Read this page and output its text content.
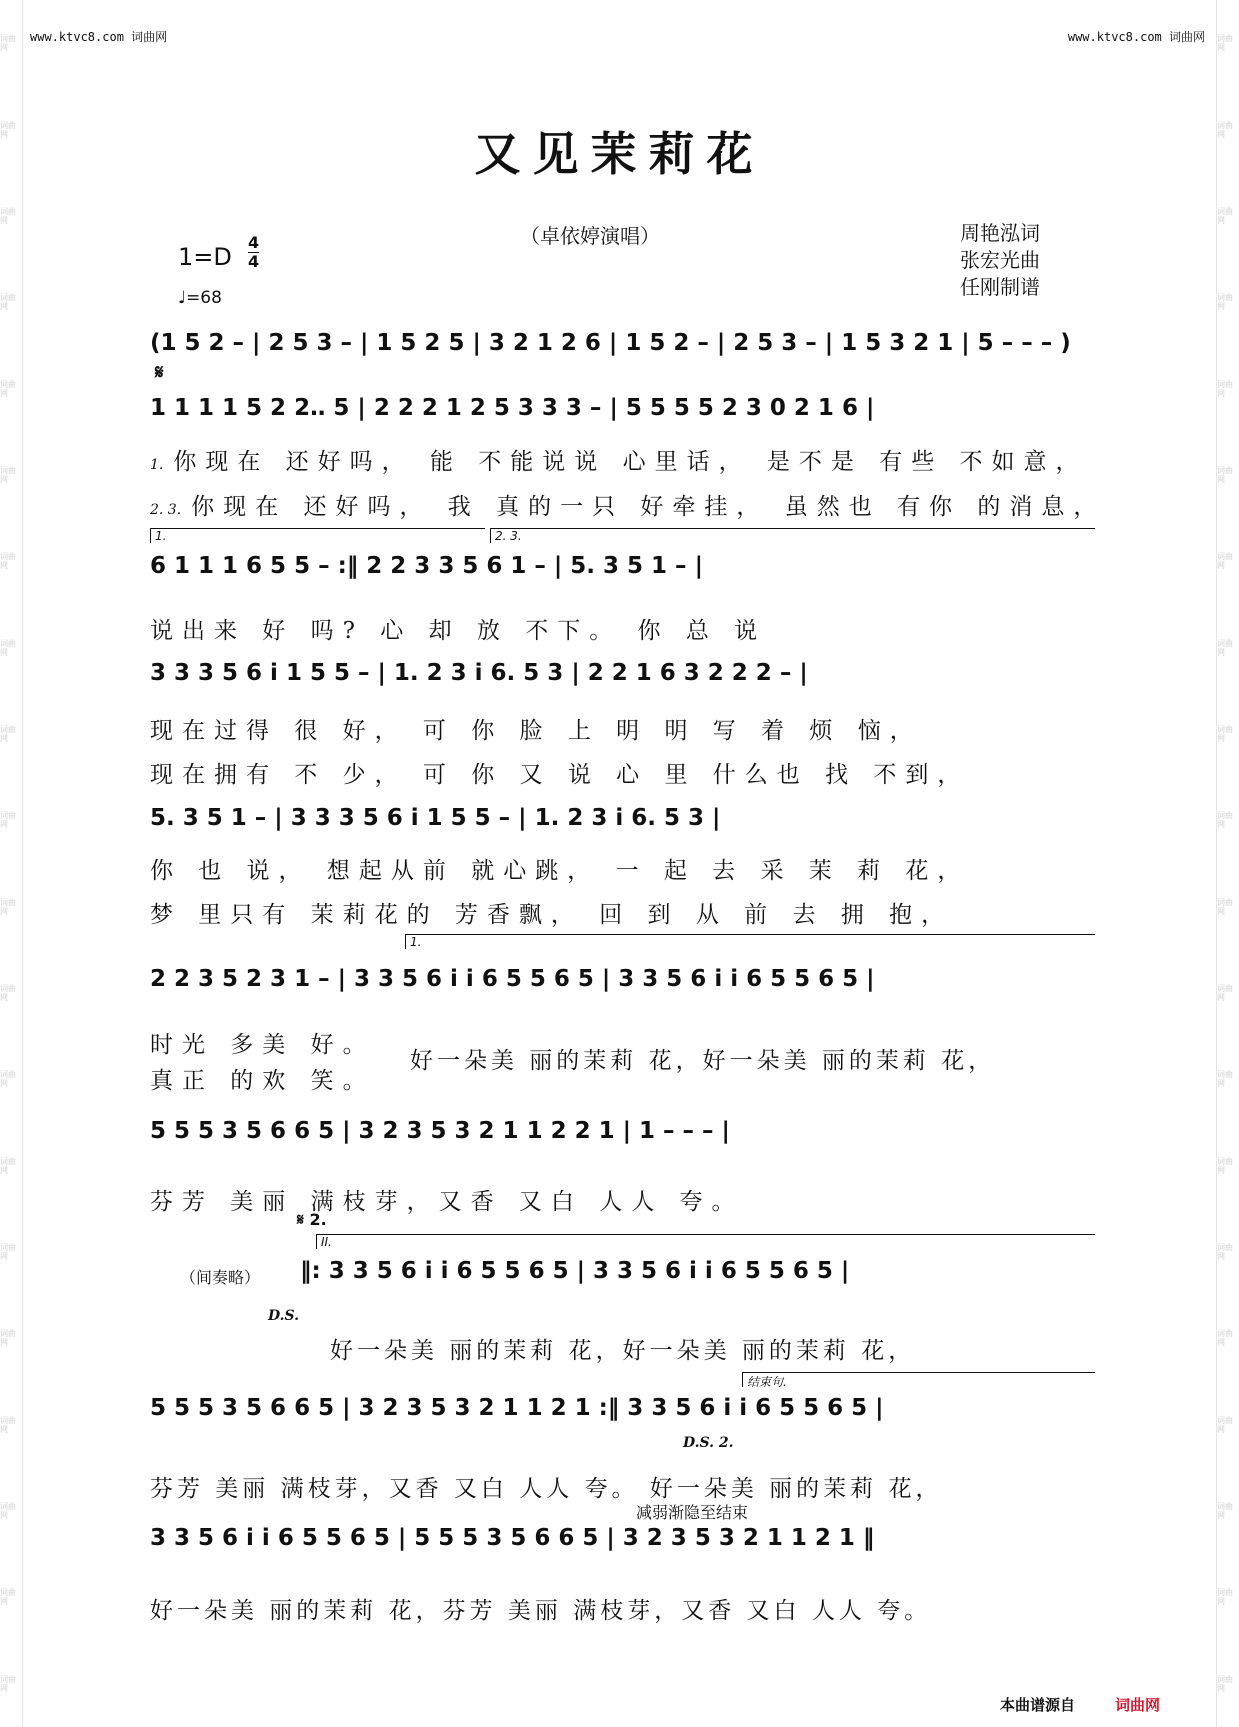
词曲网
词曲网
词曲网
词曲网
词曲网
词曲网
词曲网
词曲网
词曲网
词曲网
词曲网
词曲网
词曲网
词曲网
词曲网
词曲网
词曲网
词曲网
词曲网
词曲网
词曲网
词曲网
词曲网
词曲网
词曲网
词曲网
词曲网
词曲网
词曲网
词曲网
词曲网
词曲网
词曲网
词曲网
词曲网
词曲网
词曲网
词曲网
词曲网
词曲网
www.ktvc8.com 词曲网	www.ktvc8.com 词曲网
又见茉莉花
（卓依婷演唱）	周艳泓词
张宏光曲
任刚制谱
1=D
4
4
♩=68
(1 5 2 – | 2 5 3 – | 1 5 2 5 | 3 2 1 2 6 | 1 5 2 – | 2 5 3 – | 1 5 3 2 1 | 5 – – – )
𝄋
1 1 1 1 5 2 2‥ 5 | 2 2 2 1 2 5 3 3 3 – | 5 5 5 5 2 3 0 2 1 6 |
1. 你现在 还好吗， 能 不能说说 心里话， 是不是 有些 不如意，
2. 3. 你现在 还好吗， 我 真的一只 好牵挂， 虽然也 有你 的消息，
1.	2. 3.
6 1 1 1 6 5 5 – :‖ 2 2 3 3 5 6 1 – | 5. 3 5 1 – |
说出来 好 吗? 心 却 放 不下。 你 总 说
3 3 3 5 6 i 1 5 5 – | 1. 2 3 i 6. 5 3 | 2 2 1 6 3 2 2 2 – |
现在过得 很 好， 可 你 脸 上 明 明 写 着 烦 恼，
现在拥有 不 少， 可 你 又 说 心 里 什么也 找 不到，
5. 3 5 1 – | 3 3 3 5 6 i 1 5 5 – | 1. 2 3 i 6. 5 3 |
你 也 说， 想起从前 就心跳， 一 起 去 采 茉 莉 花，
梦 里只有 茉莉花的 芳香飘， 回 到 从 前 去 拥 抱，
1.
2 2 3 5 2 3 1 – | 3 3 5 6 i i 6 5 5 6 5 | 3 3 5 6 i i 6 5 5 6 5 |
时光 多美 好。
真正 的欢 笑。
好一朵美 丽的茉莉 花，好一朵美 丽的茉莉 花，
5 5 5 3 5 6 6 5 | 3 2 3 5 3 2 1 1 2 2 1 | 1 – – – |
芬芳 美丽 满枝芽，又香 又白 人人 夸。
𝄋 2.
II.
（间奏略）
D.S.
‖: 3 3 5 6 i i 6 5 5 6 5 | 3 3 5 6 i i 6 5 5 6 5 |
好一朵美 丽的茉莉 花，好一朵美 丽的茉莉 花，
结束句.
5 5 5 3 5 6 6 5 | 3 2 3 5 3 2 1 1 2 1 :‖ 3 3 5 6 i i 6 5 5 6 5 |
D.S. 2.
芬芳 美丽 满枝芽，又香 又白 人人 夸。 好一朵美 丽的茉莉 花，
减弱渐隐至结束
3 3 5 6 i i 6 5 5 6 5 | 5 5 5 3 5 6 6 5 | 3 2 3 5 3 2 1 1 2 1 ‖
好一朵美 丽的茉莉 花，芬芳 美丽 满枝芽，又香 又白 人人 夸。
本曲谱源自	词曲网
